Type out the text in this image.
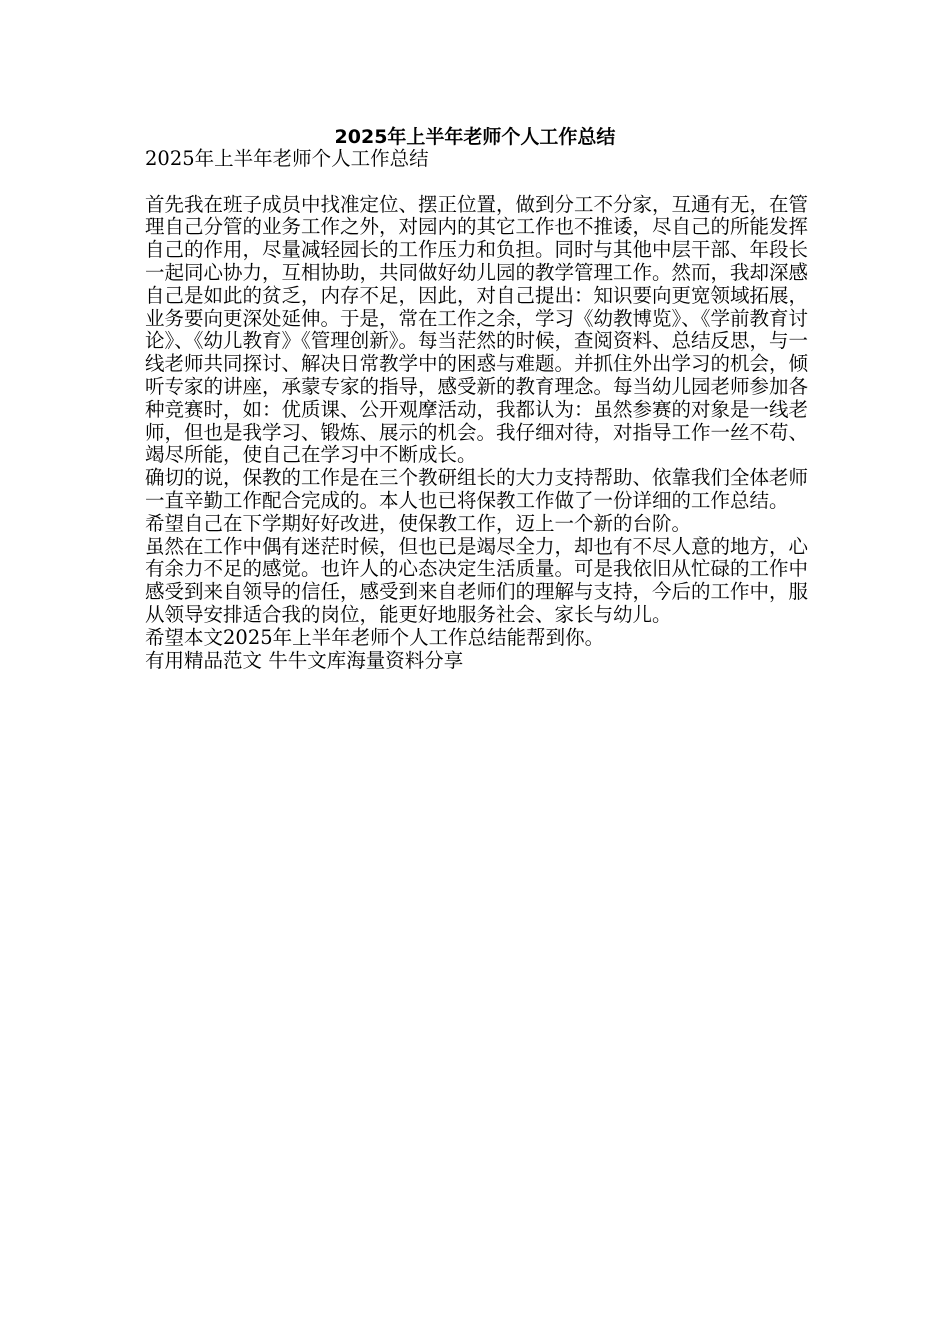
2025年上半年老师个人工作总结

2025年上半年老师个人工作总结

首先我在班子成员中找准定位、摆正位置，做到分工不分家，互通有无，在管理自己分管的业务工作之外，对园内的其它工作也不推诿，尽自己的所能发挥自己的作用，尽量减轻园长的工作压力和负担。同时与其他中层干部、年段长一起同心协力，互相协助，共同做好幼儿园的教学管理工作。然而，我却深感自己是如此的贫乏，内存不足，因此，对自己提出：知识要向更宽领域拓展，业务要向更深处延伸。于是，常在工作之余，学习《幼教博览》、《学前教育讨论》、《幼儿教育》《管理创新》。每当茫然的时候，查阅资料、总结反思，与一线老师共同探讨、解决日常教学中的困惑与难题。并抓住外出学习的机会，倾听专家的讲座，承蒙专家的指导，感受新的教育理念。每当幼儿园老师参加各种竞赛时，如：优质课、公开观摩活动，我都认为：虽然参赛的对象是一线老师，但也是我学习、锻炼、展示的机会。我仔细对待，对指导工作一丝不苟、竭尽所能，使自己在学习中不断成长。

确切的说，保教的工作是在三个教研组长的大力支持帮助、依靠我们全体老师一直辛勤工作配合完成的。本人也已将保教工作做了一份详细的工作总结。

希望自己在下学期好好改进，使保教工作，迈上一个新的台阶。

虽然在工作中偶有迷茫时候，但也已是竭尽全力，却也有不尽人意的地方，心有余力不足的感觉。也许人的心态决定生活质量。可是我依旧从忙碌的工作中感受到来自领导的信任，感受到来自老师们的理解与支持，今后的工作中，服从领导安排适合我的岗位，能更好地服务社会、家长与幼儿。

希望本文2025年上半年老师个人工作总结能帮到你。

有用精品范文 牛牛文库海量资料分享
